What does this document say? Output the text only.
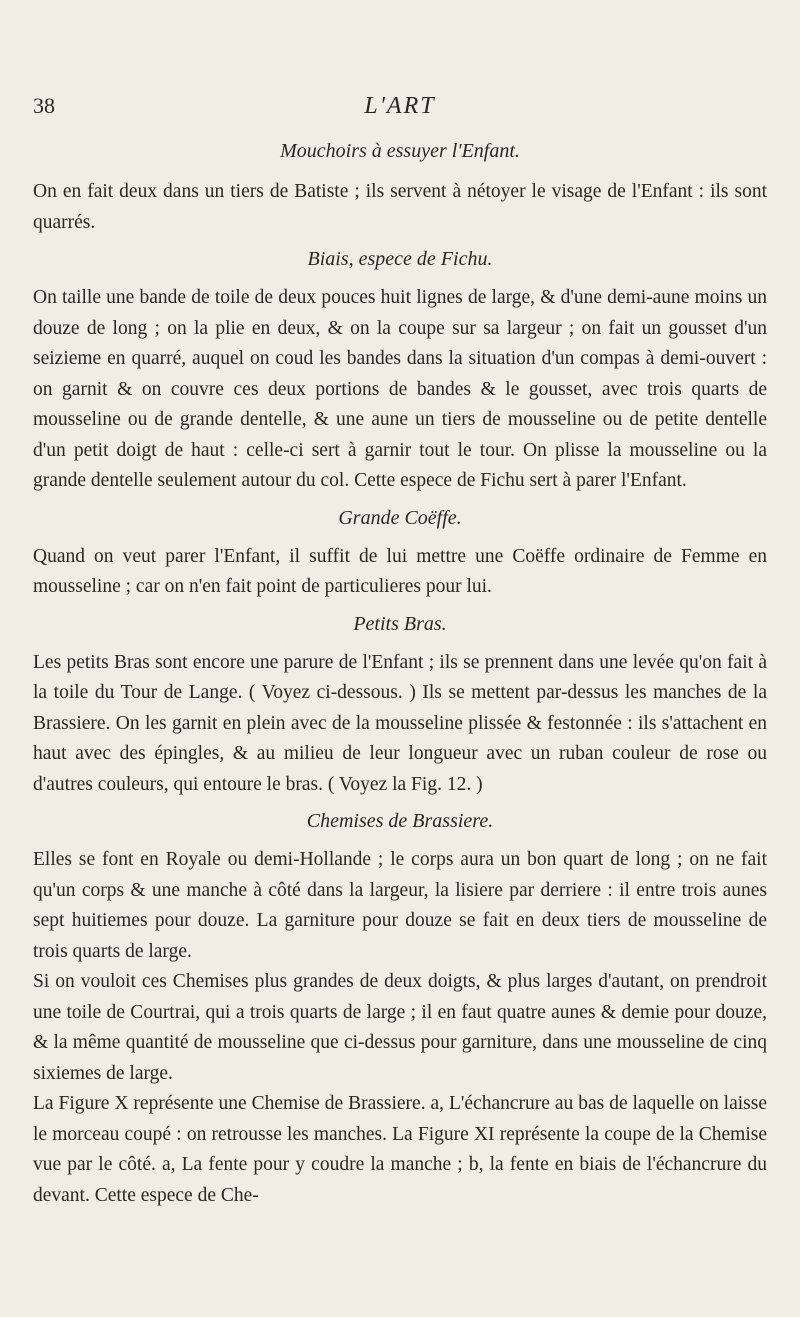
38	L'ART
Mouchoirs à essuyer l'Enfant.

On en fait deux dans un tiers de Batiste ; ils servent à nétoyer le visage de l'Enfant : ils sont quarrés.

Biais, espece de Fichu.

On taille une bande de toile de deux pouces huit lignes de large, & d'une demi-aune moins un douze de long ; on la plie en deux, & on la coupe sur sa largeur ; on fait un gousset d'un seizieme en quarré, auquel on coud les bandes dans la situation d'un compas à demi-ouvert : on garnit & on couvre ces deux portions de bandes & le gousset, avec trois quarts de mousseline ou de grande dentelle, & une aune un tiers de mousseline ou de petite dentelle d'un petit doigt de haut : celle-ci sert à garnir tout le tour. On plisse la mousseline ou la grande dentelle seulement autour du col. Cette espece de Fichu sert à parer l'Enfant.

Grande Coëffe.

Quand on veut parer l'Enfant, il suffit de lui mettre une Coëffe ordinaire de Femme en mousseline ; car on n'en fait point de particulieres pour lui.

Petits Bras.

Les petits Bras sont encore une parure de l'Enfant ; ils se prennent dans une levée qu'on fait à la toile du Tour de Lange. ( Voyez ci-dessous. ) Ils se mettent par-dessus les manches de la Brassiere. On les garnit en plein avec de la mousseline plissée & festonnée : ils s'attachent en haut avec des épingles, & au milieu de leur longueur avec un ruban couleur de rose ou d'autres couleurs, qui entoure le bras. ( Voyez la Fig. 12. )

Chemises de Brassiere.

Elles se font en Royale ou demi-Hollande ; le corps aura un bon quart de long ; on ne fait qu'un corps & une manche à côté dans la largeur, la lisiere par derriere : il entre trois aunes sept huitiemes pour douze. La garniture pour douze se fait en deux tiers de mousseline de trois quarts de large.

Si on vouloit ces Chemises plus grandes de deux doigts, & plus larges d'autant, on prendroit une toile de Courtrai, qui a trois quarts de large ; il en faut quatre aunes & demie pour douze, & la même quantité de mousseline que ci-dessus pour garniture, dans une mousseline de cinq sixiemes de large.

La Figure X représente une Chemise de Brassiere. a, L'échancrure au bas de laquelle on laisse le morceau coupé : on retrousse les manches. La Figure XI représente la coupe de la Chemise vue par le côté. a, La fente pour y coudre la manche ; b, la fente en biais de l'échancrure du devant. Cette espece de Che-
